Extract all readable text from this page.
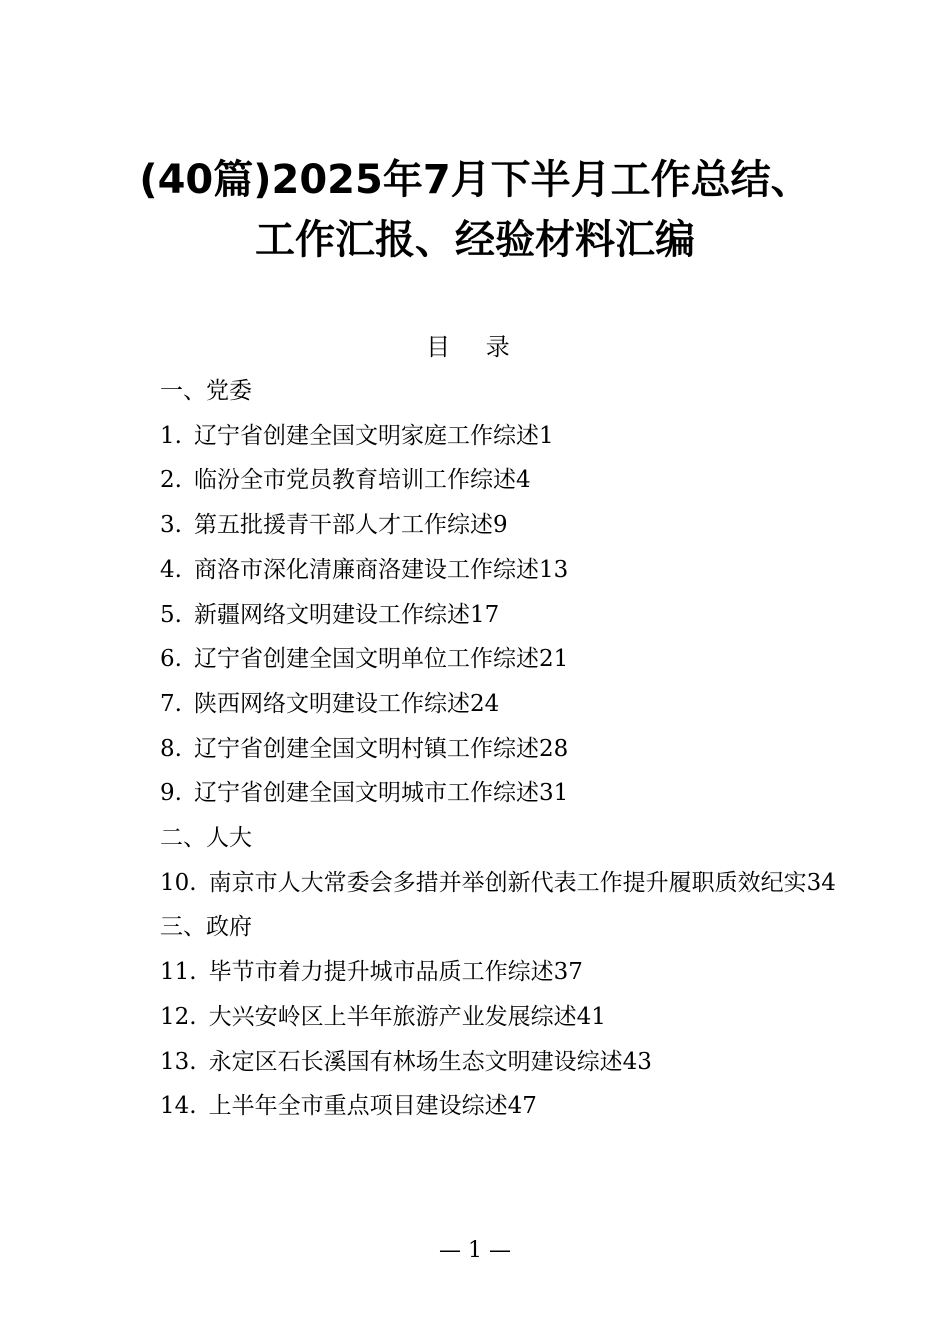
(40篇)2025年7月下半月工作总结、
工作汇报、经验材料汇编
目 录

一、党委

1. 辽宁省创建全国文明家庭工作综述1

2. 临汾全市党员教育培训工作综述4

3. 第五批援青干部人才工作综述9

4. 商洛市深化清廉商洛建设工作综述13

5. 新疆网络文明建设工作综述17

6. 辽宁省创建全国文明单位工作综述21

7. 陕西网络文明建设工作综述24

8. 辽宁省创建全国文明村镇工作综述28

9. 辽宁省创建全国文明城市工作综述31

二、人大

10. 南京市人大常委会多措并举创新代表工作提升履职质效纪实34

三、政府

11. 毕节市着力提升城市品质工作综述37

12. 大兴安岭区上半年旅游产业发展综述41

13. 永定区石长溪国有林场生态文明建设综述43

14. 上半年全市重点项目建设综述47

— 1 —
